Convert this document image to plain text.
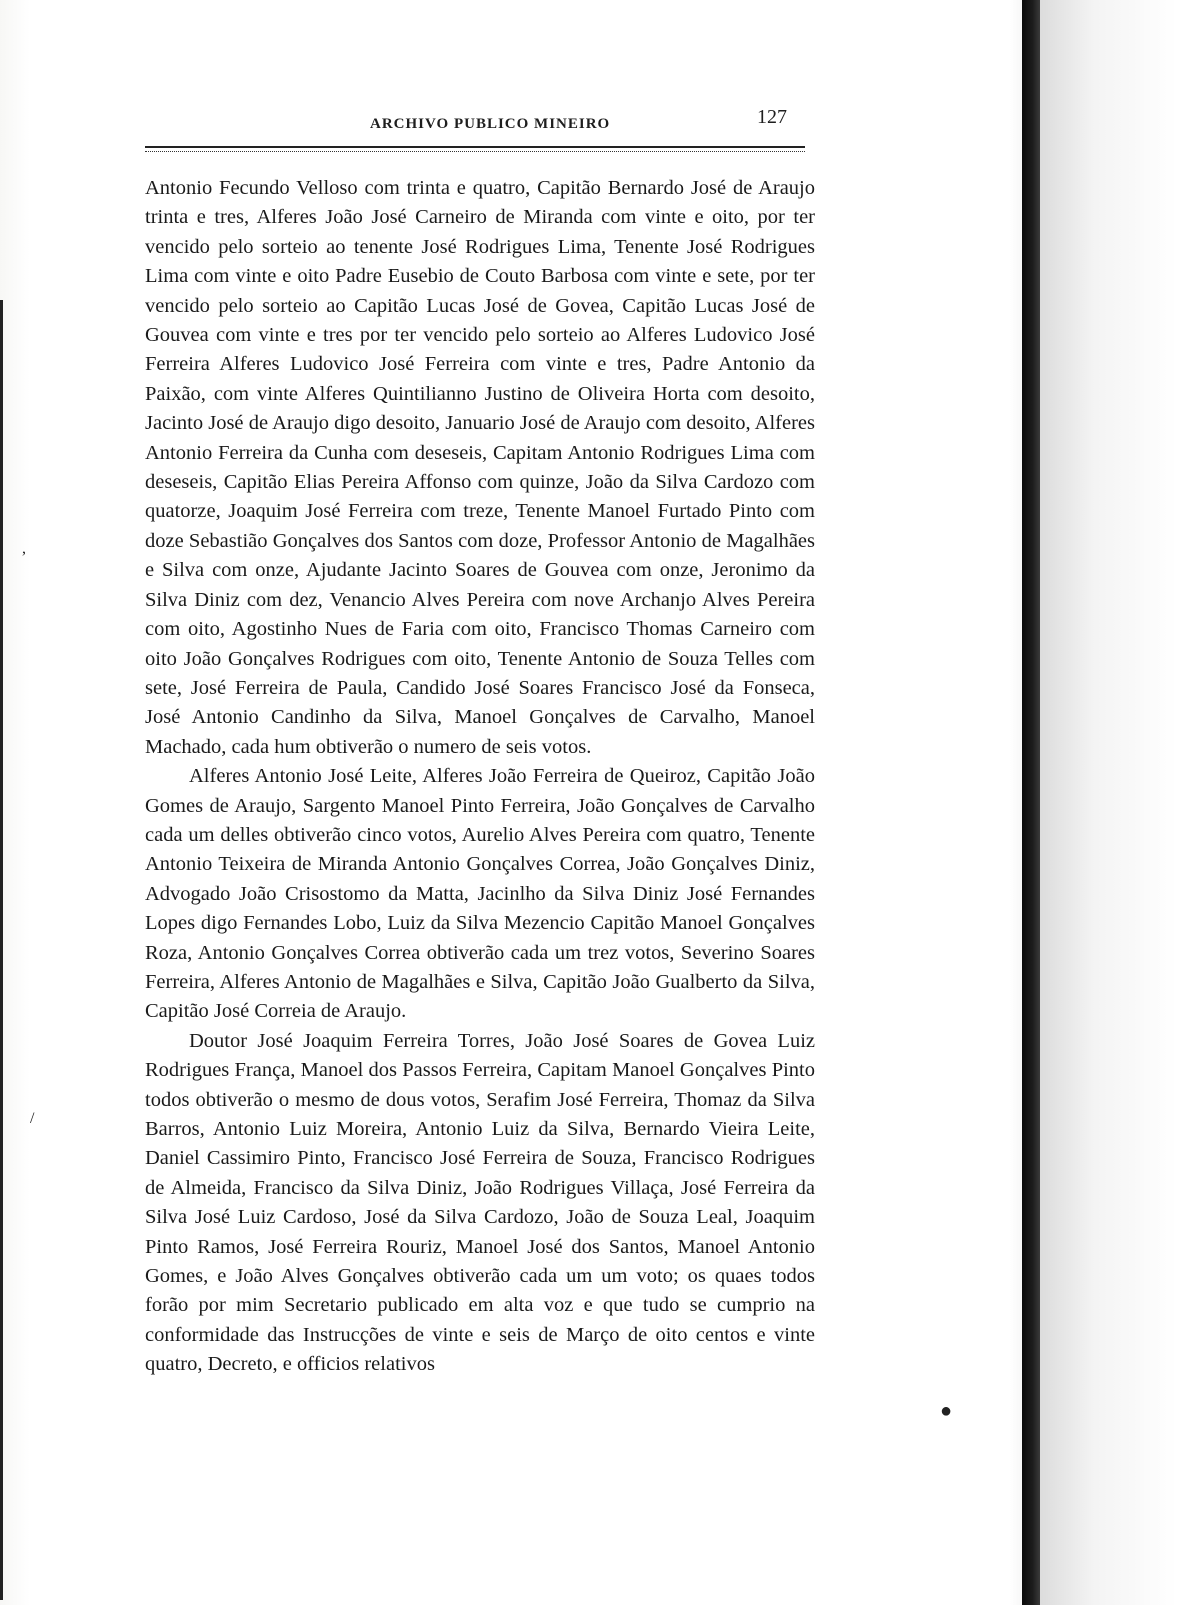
ARCHIVO PUBLICO MINEIRO	127

Antonio Fecundo Velloso com trinta e quatro, Capitão Bernardo José de Araujo trinta e tres, Alferes João José Carneiro de Miranda com vinte e oito, por ter vencido pelo sorteio ao tenente José Rodrigues Lima, Tenente José Rodrigues Lima com vinte e oito Padre Eusebio de Couto Barbosa com vinte e sete, por ter vencido pelo sorteio ao Capitão Lucas José de Govea, Capitão Lucas José de Gouvea com vinte e tres por ter vencido pelo sorteio ao Alferes Ludovico José Ferreira Alferes Ludovico José Ferreira com vinte e tres, Padre Antonio da Paixão, com vinte Alferes Quintilianno Justino de Oliveira Horta com desoito, Jacinto José de Araujo digo desoito, Januario José de Araujo com desoito, Alferes Antonio Ferreira da Cunha com deseseis, Capitam Antonio Rodrigues Lima com deseseis, Capitão Elias Pereira Affonso com quinze, João da Silva Cardozo com quatorze, Joaquim José Ferreira com treze, Tenente Manoel Furtado Pinto com doze Sebastião Gonçalves dos Santos com doze, Professor Antonio de Magalhães e Silva com onze, Ajudante Jacinto Soares de Gouvea com onze, Jeronimo da Silva Diniz com dez, Venancio Alves Pereira com nove Archanjo Alves Pereira com oito, Agostinho Nues de Faria com oito, Francisco Thomas Carneiro com oito João Gonçalves Rodrigues com oito, Tenente Antonio de Souza Telles com sete, José Ferreira de Paula, Candido José Soares Francisco José da Fonseca, José Antonio Candinho da Silva, Manoel Gonçalves de Carvalho, Manoel Machado, cada hum obtiverão o numero de seis votos.

Alferes Antonio José Leite, Alferes João Ferreira de Queiroz, Capitão João Gomes de Araujo, Sargento Manoel Pinto Ferreira, João Gonçalves de Carvalho cada um delles obtiverão cinco votos, Aurelio Alves Pereira com quatro, Tenente Antonio Teixeira de Miranda Antonio Gonçalves Correa, João Gonçalves Diniz, Advogado João Crisostomo da Matta, Jacinlho da Silva Diniz José Fernandes Lopes digo Fernandes Lobo, Luiz da Silva Mezencio Capitão Manoel Gonçalves Roza, Antonio Gonçalves Correa obtiverão cada um trez votos, Severino Soares Ferreira, Alferes Antonio de Magalhães e Silva, Capitão João Gualberto da Silva, Capitão José Correia de Araujo.

Doutor José Joaquim Ferreira Torres, João José Soares de Govea Luiz Rodrigues França, Manoel dos Passos Ferreira, Capitam Manoel Gonçalves Pinto todos obtiverão o mesmo de dous votos, Serafim José Ferreira, Thomaz da Silva Barros, Antonio Luiz Moreira, Antonio Luiz da Silva, Bernardo Vieira Leite, Daniel Cassimiro Pinto, Francisco José Ferreira de Souza, Francisco Rodrigues de Almeida, Francisco da Silva Diniz, João Rodrigues Villaça, José Ferreira da Silva José Luiz Cardoso, José da Silva Cardozo, João de Souza Leal, Joaquim Pinto Ramos, José Ferreira Rouriz, Manoel José dos Santos, Manoel Antonio Gomes, e João Alves Gonçalves obtiverão cada um um voto; os quaes todos forão por mim Secretario publicado em alta voz e que tudo se cumprio na conformidade das Instrucções de vinte e seis de Março de oito centos e vinte quatro, Decreto, e officios relativos

,
/
●
